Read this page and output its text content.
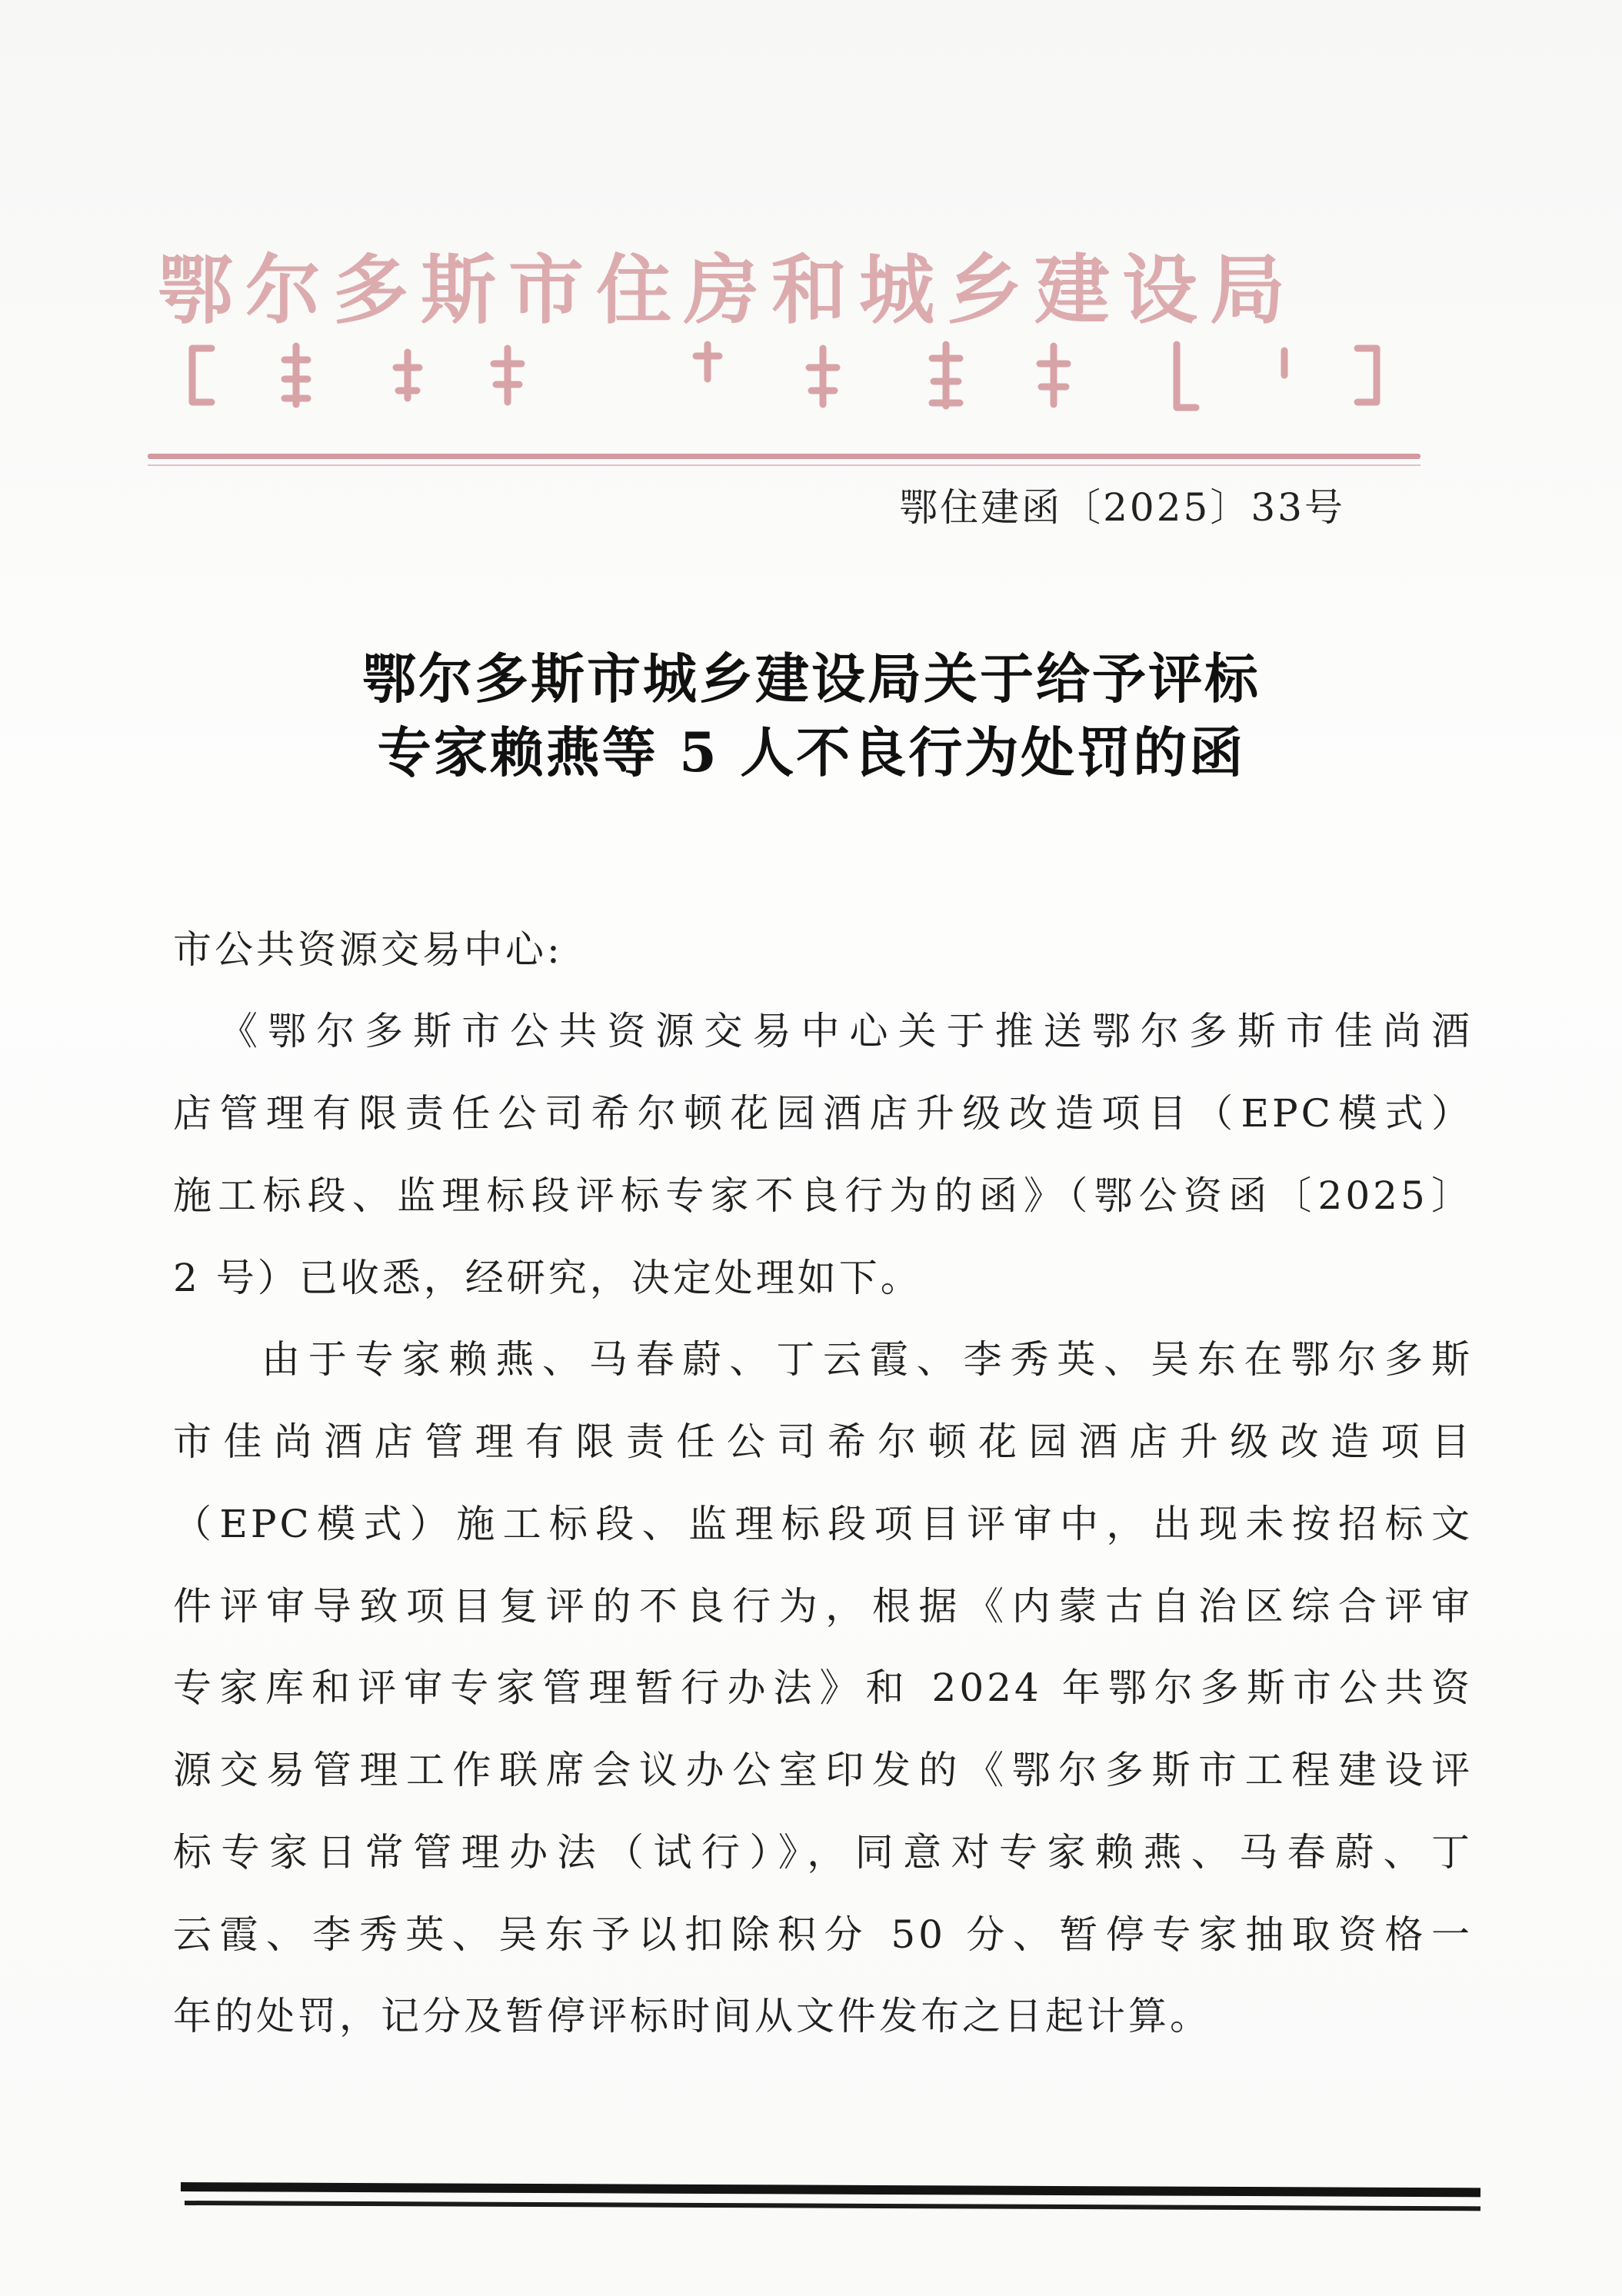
鄂尔多斯市住房和城乡建设局
鄂住建函〔2025〕33号
鄂尔多斯市城乡建设局关于给予评标
专家赖燕等 5 人不良行为处罚的函
市公共资源交易中心:
《鄂尔多斯市公共资源交易中心关于推送鄂尔多斯市佳尚酒
店管理有限责任公司希尔顿花园酒店升级改造项目（EPC模式）
施工标段、监理标段评标专家不良行为的函》（鄂公资函〔2025〕
2 号）已收悉，经研究，决定处理如下。
由于专家赖燕、马春蔚、丁云霞、李秀英、吴东在鄂尔多斯
市佳尚酒店管理有限责任公司希尔顿花园酒店升级改造项目
（EPC模式）施工标段、监理标段项目评审中，出现未按招标文
件评审导致项目复评的不良行为，根据《内蒙古自治区综合评审
专家库和评审专家管理暂行办法》和 2024 年鄂尔多斯市公共资
源交易管理工作联席会议办公室印发的《鄂尔多斯市工程建设评
标专家日常管理办法（试行）》，同意对专家赖燕、马春蔚、丁
云霞、李秀英、吴东予以扣除积分 50 分、暂停专家抽取资格一
年的处罚，记分及暂停评标时间从文件发布之日起计算。
